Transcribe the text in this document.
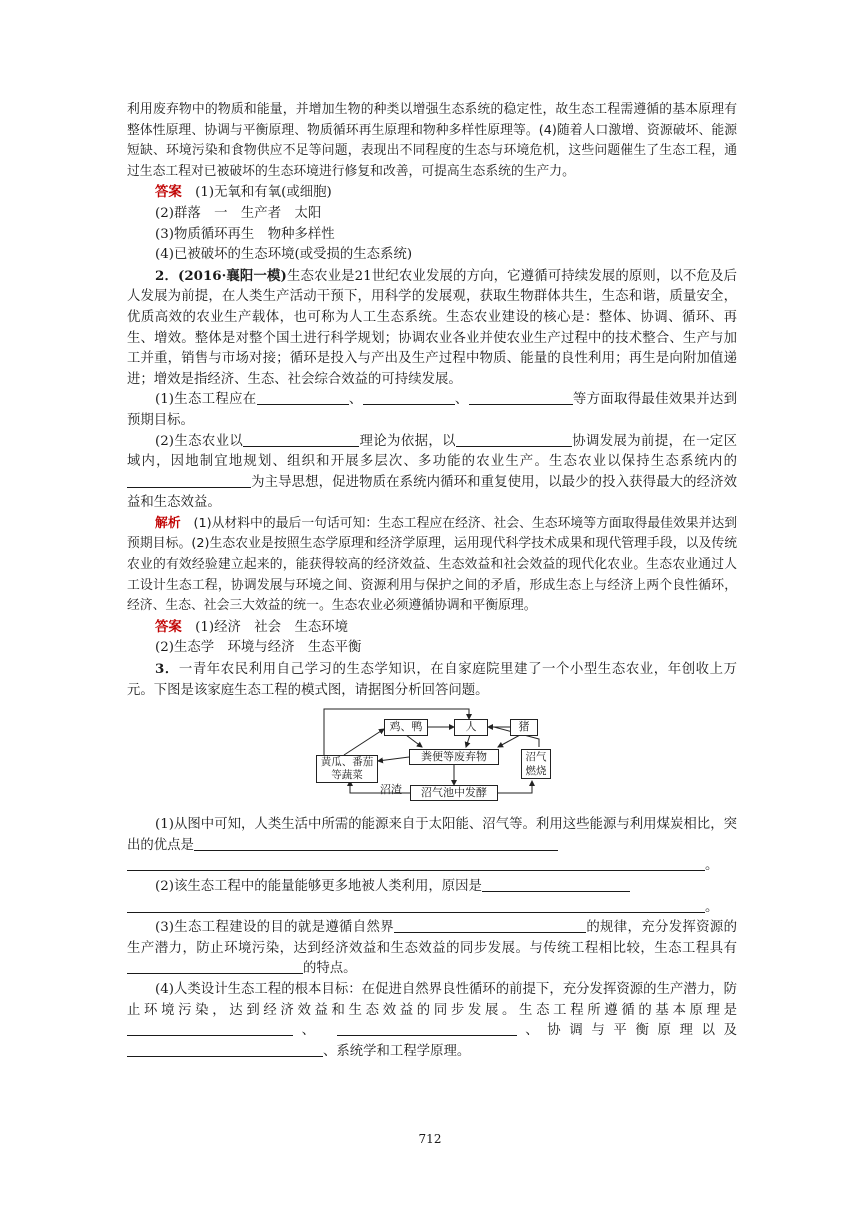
利用废弃物中的物质和能量，并增加生物的种类以增强生态系统的稳定性，故生态工程需遵循的基本原理有整体性原理、协调与平衡原理、物质循环再生原理和物种多样性原理等。(4)随着人口激增、资源破坏、能源短缺、环境污染和食物供应不足等问题，表现出不同程度的生态与环境危机，这些问题催生了生态工程，通过生态工程对已被破坏的生态环境进行修复和改善，可提高生态系统的生产力。

答案　 (1)无氧和有氧(或细胞)

(2)群落　一　生产者　太阳

(3)物质循环再生　物种多样性

(4)已被破坏的生态环境(或受损的生态系统)

2．(2016·襄阳一模)生态农业是21世纪农业发展的方向，它遵循可持续发展的原则，以不危及后人发展为前提，在人类生产活动干预下，用科学的发展观，获取生物群体共生，生态和谐，质量安全，优质高效的农业生产载体，也可称为人工生态系统。生态农业建设的核心是：整体、协调、循环、再生、增效。整体是对整个国土进行科学规划；协调农业各业并使农业生产过程中的技术整合、生产与加工并重，销售与市场对接；循环是投入与产出及生产过程中物质、能量的良性利用；再生是向附加值递进；增效是指经济、生态、社会综合效益的可持续发展。

(1)生态工程应在	、	、	等方面取得最佳效果并达到预期目标。

(2)生态农业以	理论为依据，以	协调发展为前提，在一定区域内，因地制宜地规划、组织和开展多层次、多功能的农业生产。生态农业以保持生态系统内的为主导思想，促进物质在系统内循环和重复使用，以最少的投入获得最大的经济效益和生态效益。

解析　 (1)从材料中的最后一句话可知：生态工程应在经济、社会、生态环境等方面取得最佳效果并达到预期目标。(2)生态农业是按照生态学原理和经济学原理，运用现代科学技术成果和现代管理手段，以及传统农业的有效经验建立起来的，能获得较高的经济效益、生态效益和社会效益的现代化农业。生态农业通过人工设计生态工程，协调发展与环境之间、资源利用与保护之间的矛盾，形成生态上与经济上两个良性循环，经济、生态、社会三大效益的统一。生态农业必须遵循协调和平衡原理。

答案　 (1)经济　社会　生态环境

(2)生态学　环境与经济　生态平衡

3．一青年农民利用自己学习的生态学知识，在自家庭院里建了一个小型生态农业，年创收上万元。下图是该家庭生态工程的模式图，请据图分析回答问题。

鸡、鸭	人	猪
黄瓜、番茄等蔬菜
粪便等废弃物	沼气燃烧
沼气池中发酵
沼渣

(1)从图中可知，人类生活中所需的能源来自于太阳能、沼气等。利用这些能源与利用煤炭相比，突出的优点是
。

(2)该生态工程中的能量能够更多地被人类利用，原因是
。

(3)生态工程建设的目的就是遵循自然界	的规律，充分发挥资源的生产潜力，防止环境污染，达到经济效益和生态效益的同步发展。与传统工程相比较，生态工程具有的特点。

(4)人类设计生态工程的根本目标：在促进自然界良性循环的前提下，充分发挥资源的生产潜力，防止环境污染，达到经济效益和生态效益的同步发展。生态工程所遵循的基本原理是 、	、协调与平衡原理以及、系统学和工程学原理。

712
